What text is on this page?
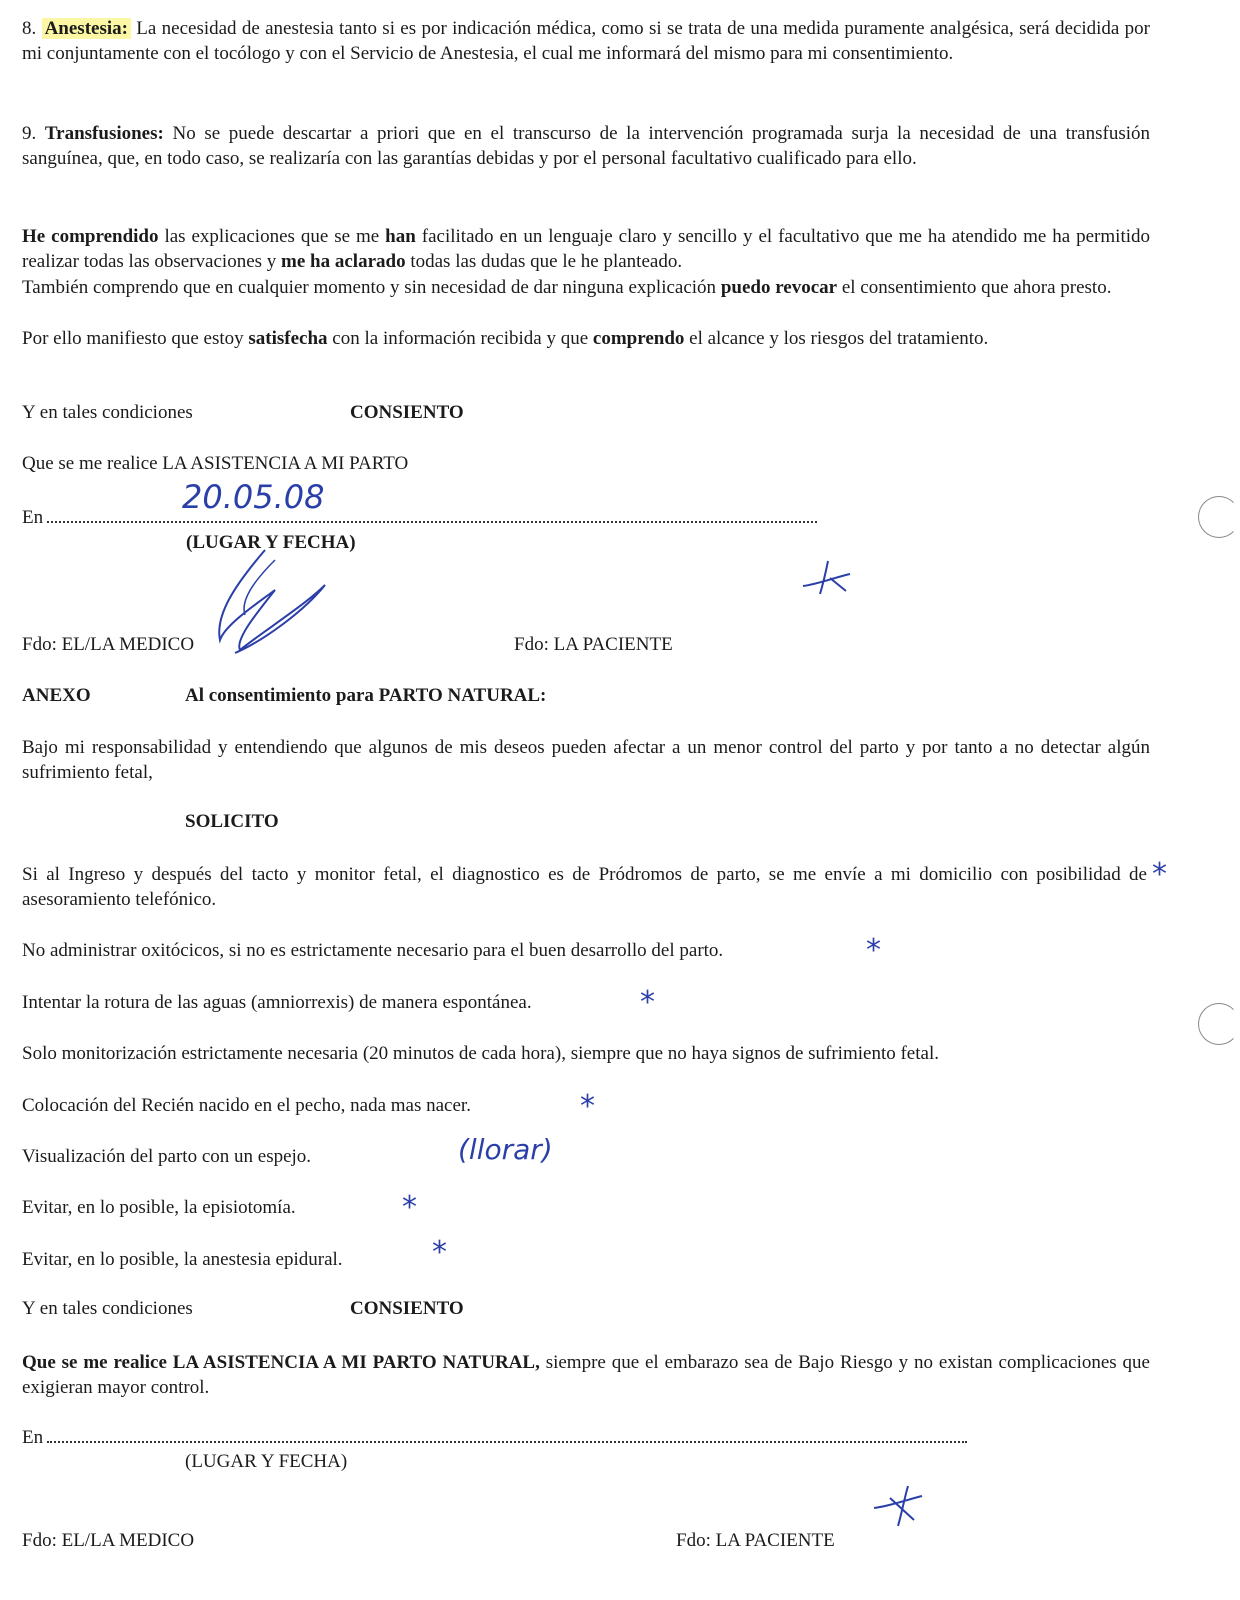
8. Anestesia: La necesidad de anestesia tanto si es por indicación médica, como si se trata de una medida puramente analgésica, será decidida por mi conjuntamente con el tocólogo y con el Servicio de Anestesia, el cual me informará del mismo para mi consentimiento.

9. Transfusiones: No se puede descartar a priori que en el transcurso de la intervención programada surja la necesidad de una transfusión sanguínea, que, en todo caso, se realizaría con las garantías debidas y por el personal facultativo cualificado para ello.

He comprendido las explicaciones que se me han facilitado en un lenguaje claro y sencillo y el facultativo que me ha atendido me ha permitido realizar todas las observaciones y me ha aclarado todas las dudas que le he planteado.

También comprendo que en cualquier momento y sin necesidad de dar ninguna explicación puedo revocar el consentimiento que ahora presto.

Por ello manifiesto que estoy satisfecha con la información recibida y que comprendo el alcance y los riesgos del tratamiento.

Y en tales condiciones	CONSIENTO

Que se me realice LA ASISTENCIA A MI PARTO

En

20.05.08

(LUGAR Y FECHA)

Fdo: EL/LA MEDICO	Fdo: LA PACIENTE

ANEXO	Al consentimiento para PARTO NATURAL:

Bajo mi responsabilidad y entendiendo que algunos de mis deseos pueden afectar a un menor control del parto y por tanto a no detectar algún sufrimiento fetal,

SOLICITO

Si al Ingreso y después del tacto y monitor fetal, el diagnostico es de Pródromos de parto, se me envíe a mi domicilio con posibilidad de asesoramiento telefónico.

*

No administrar oxitócicos, si no es estrictamente necesario para el buen desarrollo del parto.	*

Intentar la rotura de las aguas (amniorrexis) de manera espontánea.	*

Solo monitorización estrictamente necesaria (20 minutos de cada hora), siempre que no haya signos de sufrimiento fetal.

Colocación del Recién nacido en el pecho, nada mas nacer.	*

Visualización del parto con un espejo.	(llorar)

Evitar, en lo posible, la episiotomía.	*

Evitar, en lo posible, la anestesia epidural.	*

Y en tales condiciones	CONSIENTO

Que se me realice LA ASISTENCIA A MI PARTO NATURAL, siempre que el embarazo sea de Bajo Riesgo y no existan complicaciones que exigieran mayor control.

En

(LUGAR Y FECHA)

Fdo: EL/LA MEDICO	Fdo: LA PACIENTE
